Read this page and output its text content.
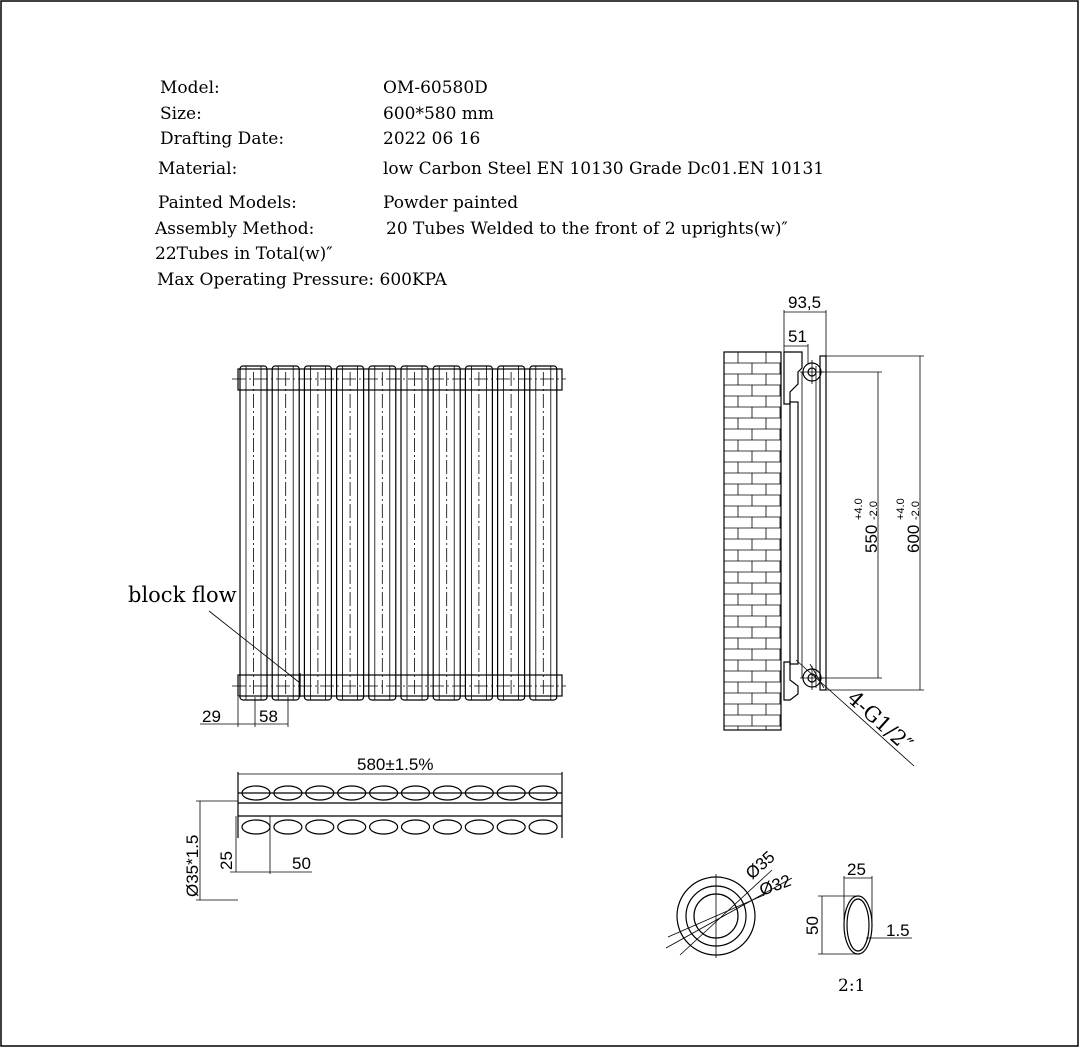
Model:	OM-60580D
Size:	600*580 mm
Drafting Date:	2022 06 16
Material:	low Carbon Steel EN 10130 Grade Dc01.EN 10131
Painted Models:	Powder painted
Assembly Method:	20 Tubes Welded to the front of 2 uprights(w)″
22Tubes in Total(w)″
Max Operating Pressure: 600KPA
block flow
29 58
550
+4.0 -2.0
600
+4.0 -2.0
93,5
51
4-G1/2″
580±1.5%
Ø35*1.5 25	50	Ø35
Ø32
25
50	1.5
2:1
